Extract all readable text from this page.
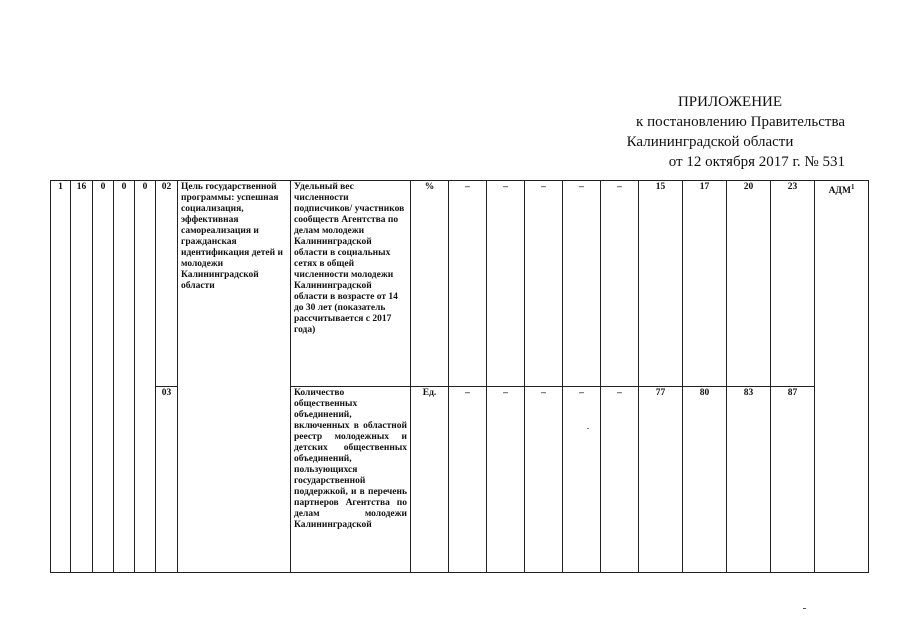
ПРИЛОЖЕНИЕ
к постановлению Правительства
Калининградской области
от 12 октября 2017 г. № 531
1	16	0	0	0	02	Цель государственной программы: успешная социализация, эффективная самореализация и гражданская идентификация детей и молодежи Калининградской области	Удельный вес численности подписчиков/ участников сообществ Агентства по делам молодежи Калининградской области в социальных сетях в общей численности молодежи Калининградской области в возрасте от 14 до 30 лет (показатель рассчитывается с 2017 года)	%	–	–	–	–	–	15	17	20	23	АДМ$^1$
					03		Количество общественных объединений, включенных в областной реестр молодежных и детских общественных объединений, пользующихся государственной поддержкой, и в перечень партнеров Агентства по делам молодежи Калининградской	Ед.	–	–	–	–	–	77	80	83	87	
